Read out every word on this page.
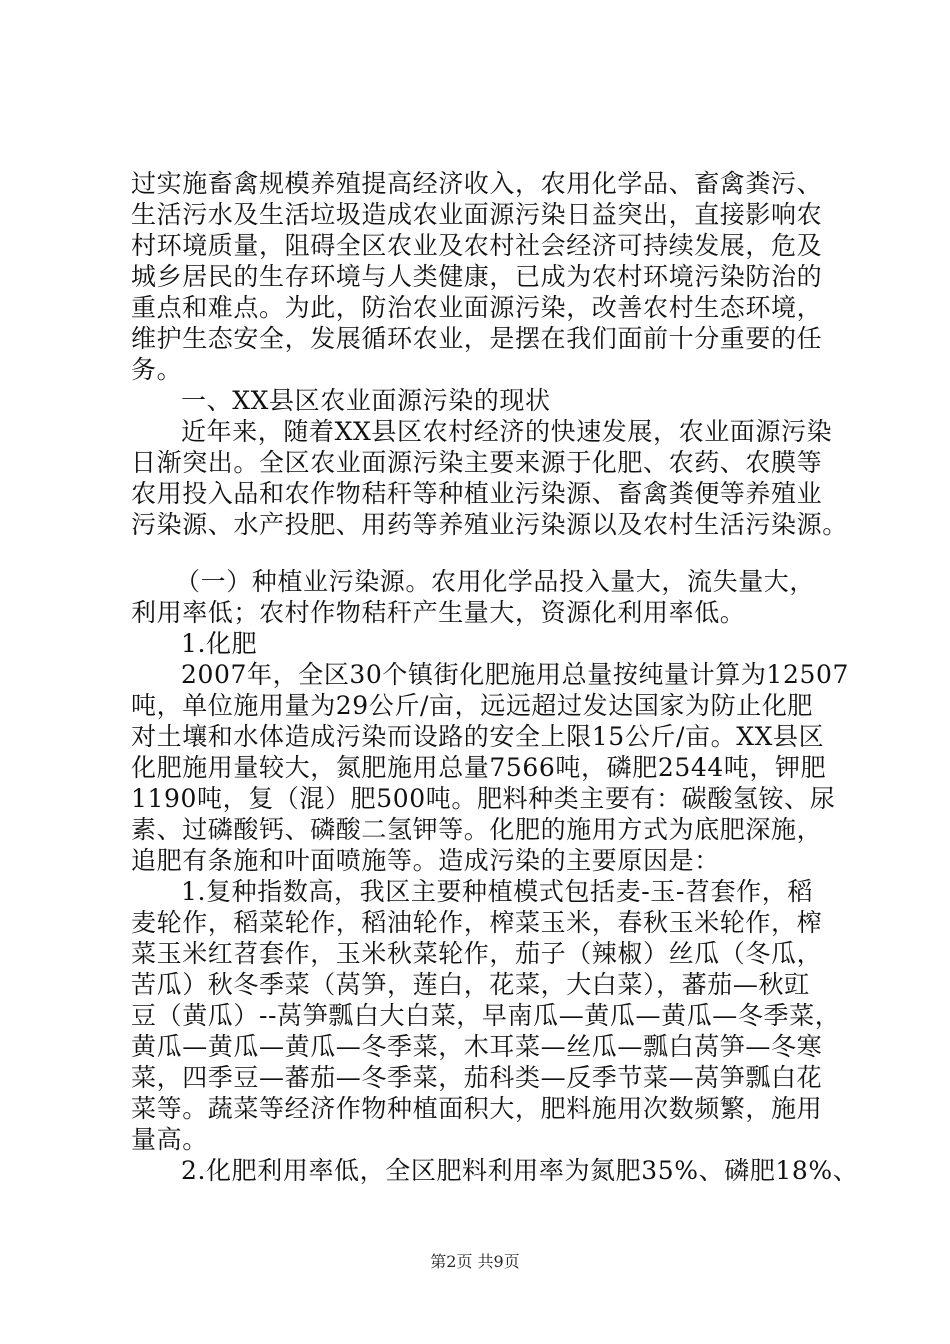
过实施畜禽规模养殖提高经济收入，农用化学品、畜禽粪污、
生活污水及生活垃圾造成农业面源污染日益突出，直接影响农
村环境质量，阻碍全区农业及农村社会经济可持续发展，危及
城乡居民的生存环境与人类健康，已成为农村环境污染防治的
重点和难点。为此，防治农业面源污染，改善农村生态环境，
维护生态安全，发展循环农业，是摆在我们面前十分重要的任
务。
一、XX县区农业面源污染的现状
近年来，随着XX县区农村经济的快速发展，农业面源污染
日渐突出。全区农业面源污染主要来源于化肥、农药、农膜等
农用投入品和农作物秸秆等种植业污染源、畜禽粪便等养殖业
污染源、水产投肥、用药等养殖业污染源以及农村生活污染源。
（一）种植业污染源。农用化学品投入量大，流失量大，
利用率低；农村作物秸秆产生量大，资源化利用率低。
1.化肥
2007年，全区30个镇街化肥施用总量按纯量计算为12507
吨，单位施用量为29公斤/亩，远远超过发达国家为防止化肥
对土壤和水体造成污染而设路的安全上限15公斤/亩。XX县区
化肥施用量较大，氮肥施用总量7566吨，磷肥2544吨，钾肥
1190吨，复（混）肥500吨。肥料种类主要有：碳酸氢铵、尿
素、过磷酸钙、磷酸二氢钾等。化肥的施用方式为底肥深施，
追肥有条施和叶面喷施等。造成污染的主要原因是：
1.复种指数高，我区主要种植模式包括麦-玉-苕套作，稻
麦轮作，稻菜轮作，稻油轮作，榨菜玉米，春秋玉米轮作，榨
菜玉米红苕套作，玉米秋菜轮作，茄子（辣椒）丝瓜（冬瓜，
苦瓜）秋冬季菜（莴笋，莲白，花菜，大白菜），蕃茄—秋豇
豆（黄瓜）--莴笋瓢白大白菜，早南瓜—黄瓜—黄瓜—冬季菜，
黄瓜—黄瓜—黄瓜—冬季菜，木耳菜—丝瓜—瓢白莴笋—冬寒
菜，四季豆—蕃茄—冬季菜，茄科类—反季节菜—莴笋瓢白花
菜等。蔬菜等经济作物种植面积大，肥料施用次数频繁，施用
量高。
2.化肥利用率低，全区肥料利用率为氮肥35%、磷肥18%、
第2页 共9页
